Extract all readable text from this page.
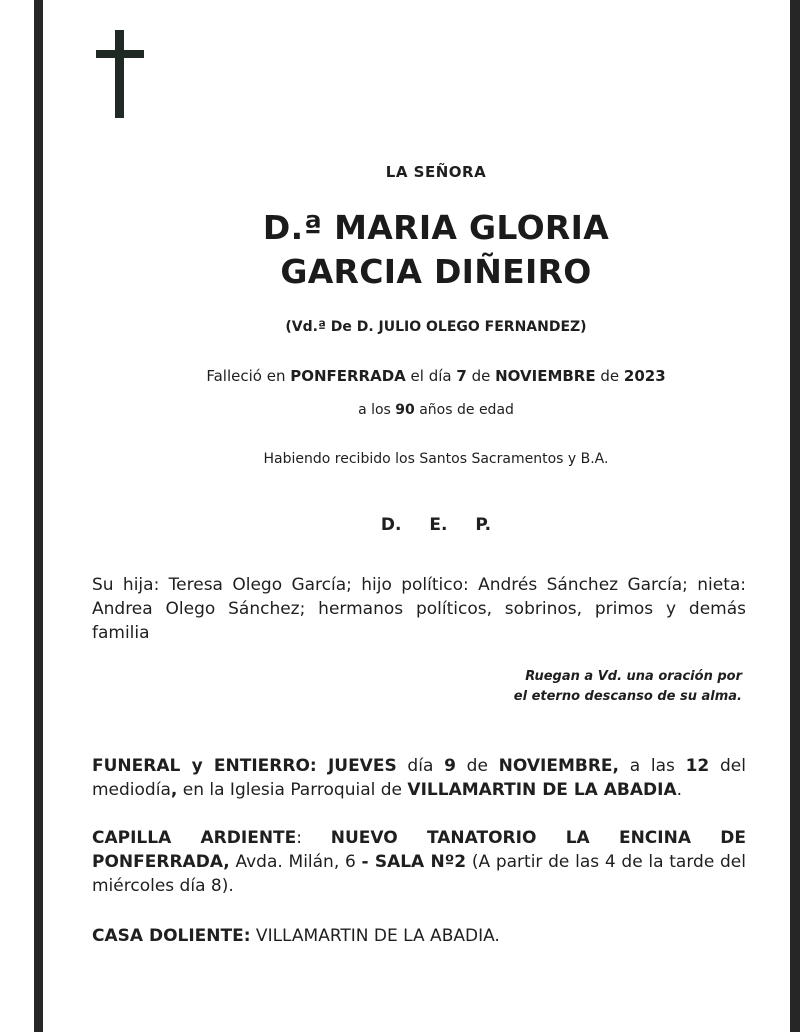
LA SEÑORA
D.ª MARIA GLORIA
GARCIA DIÑEIRO
(Vd.ª De D. JULIO OLEGO FERNANDEZ)
Falleció en PONFERRADA el día 7 de NOVIEMBRE de 2023
a los 90 años de edad
Habiendo recibido los Santos Sacramentos y B.A.
D. E. P.
Su hija: Teresa Olego García; hijo político: Andrés Sánchez García; nieta: Andrea Olego Sánchez; hermanos políticos, sobrinos, primos y demás familia
Ruegan a Vd. una oración por
el eterno descanso de su alma.
FUNERAL y ENTIERRO: JUEVES día 9 de NOVIEMBRE, a las 12 del mediodía, en la Iglesia Parroquial de VILLAMARTIN DE LA ABADIA.
CAPILLA ARDIENTE: NUEVO TANATORIO LA ENCINA DE PONFERRADA, Avda. Milán, 6 - SALA Nº2 (A partir de las 4 de la tarde del miércoles día 8).
CASA DOLIENTE: VILLAMARTIN DE LA ABADIA.
